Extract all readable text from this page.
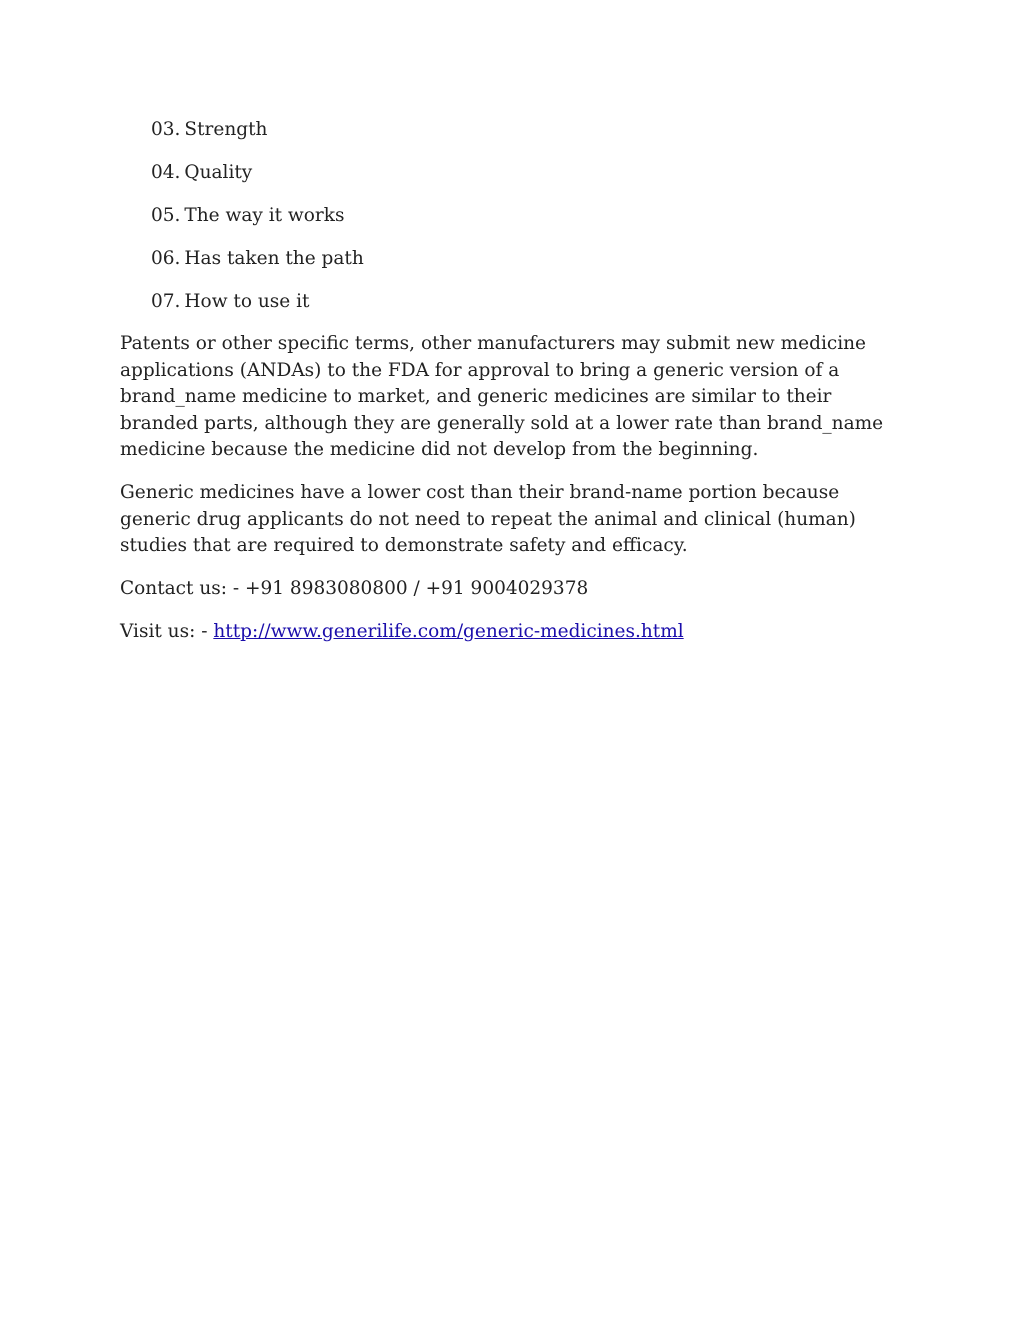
03. Strength
04. Quality
05. The way it works
06. Has taken the path
07. How to use it

Patents or other specific terms, other manufacturers may submit new medicine applications (ANDAs) to the FDA for approval to bring a generic version of a brand_name medicine to market, and generic medicines are similar to their branded parts, although they are generally sold at a lower rate than brand_name medicine because the medicine did not develop from the beginning.

Generic medicines have a lower cost than their brand-name portion because generic drug applicants do not need to repeat the animal and clinical (human) studies that are required to demonstrate safety and efficacy.

Contact us: - +91 8983080800 / +91 9004029378

Visit us: - http://www.generilife.com/generic-medicines.html
